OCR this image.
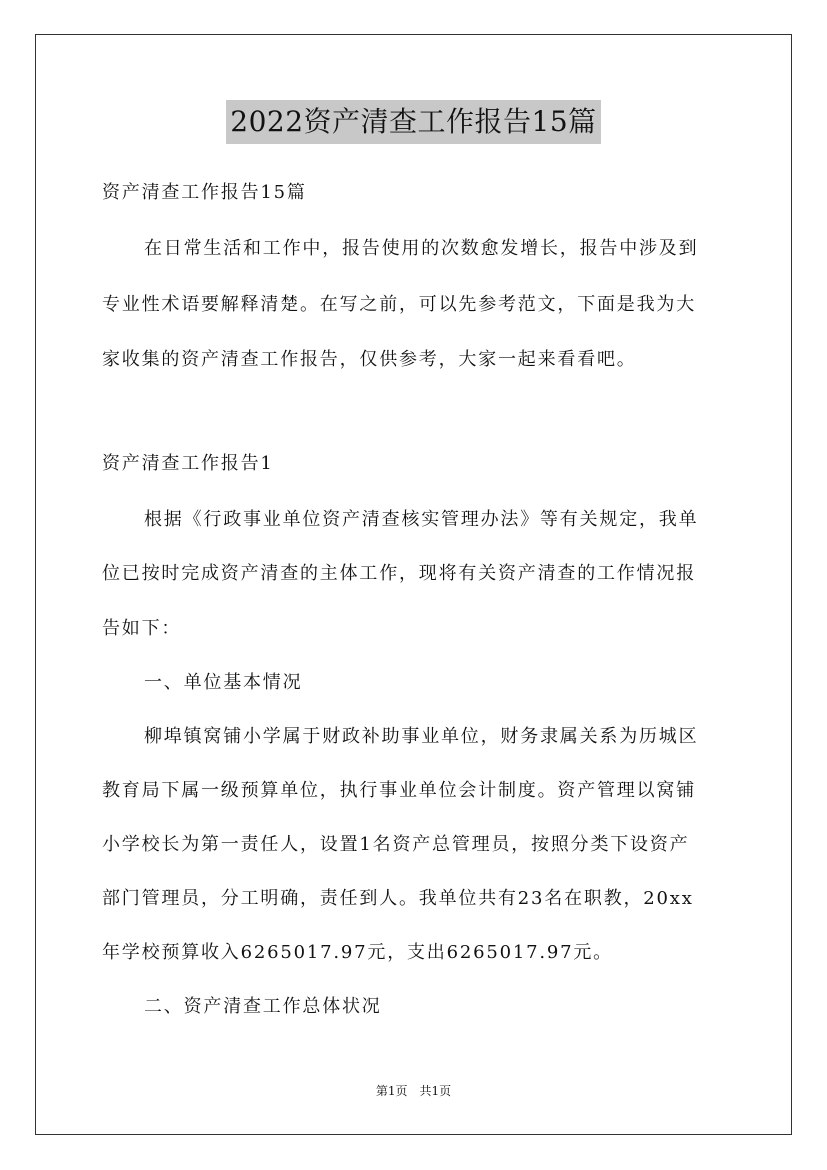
2022资产清查工作报告15篇
资产清查工作报告15篇
在日常生活和工作中，报告使用的次数愈发增长，报告中涉及到
专业性术语要解释清楚。在写之前，可以先参考范文，下面是我为大
家收集的资产清查工作报告，仅供参考，大家一起来看看吧。
资产清查工作报告1
根据《行政事业单位资产清查核实管理办法》等有关规定，我单
位已按时完成资产清查的主体工作，现将有关资产清查的工作情况报
告如下：
一、单位基本情况
柳埠镇窝铺小学属于财政补助事业单位，财务隶属关系为历城区
教育局下属一级预算单位，执行事业单位会计制度。资产管理以窝铺
小学校长为第一责任人，设置1名资产总管理员，按照分类下设资产
部门管理员，分工明确，责任到人。我单位共有23名在职教，20xx
年学校预算收入6265017.97元，支出6265017.97元。
二、资产清查工作总体状况
第1页 共1页
